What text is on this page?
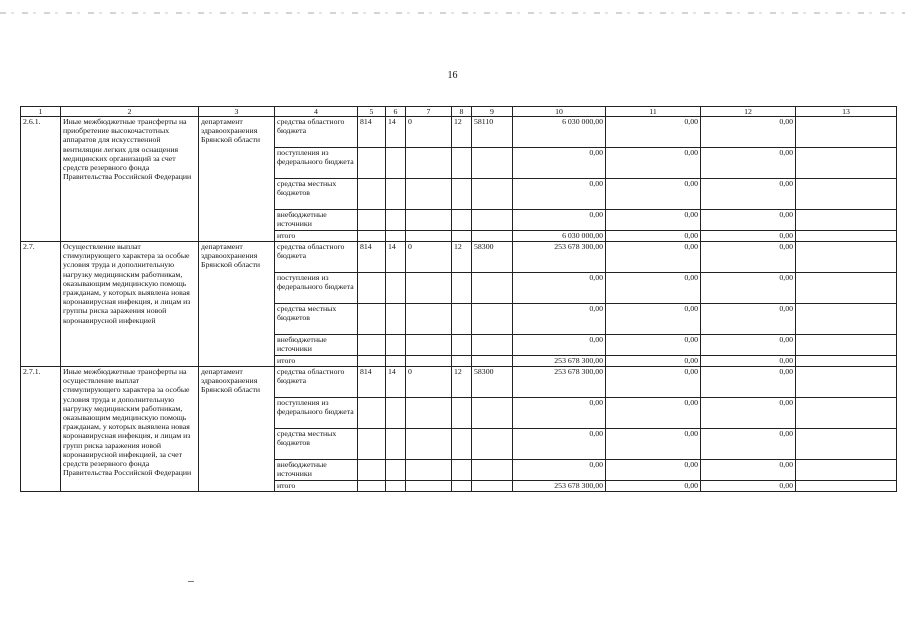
16
1	2	3	4	5	6	7	8	9	10	11	12	13
2.6.1.	Иные межбюджетные трансферты на приобретение высокочастотных аппаратов для искусственной вентиляции легких для оснащения медицинских организаций за счет средств резервного фонда Правительства Российской Федерации	департамент здравоохранения Брянской области	средства областного бюджета	814	14	0	12	58110	6 030 000,00	0,00	0,00	
			поступления из федерального бюджета						0,00	0,00	0,00	
			средства местных бюджетов						0,00	0,00	0,00	
			внебюджетные источники						0,00	0,00	0,00	
			итого						6 030 000,00	0,00	0,00	
2.7.	Осуществление выплат стимулирующего характера за особые условия труда и дополнительную нагрузку медицинским работникам, оказывающим медицинскую помощь гражданам, у которых выявлена новая коронавирусная инфекция, и лицам из группы риска заражения новой коронавирусной инфекцией	департамент здравоохранения Брянской области	средства областного бюджета	814	14	0	12	58300	253 678 300,00	0,00	0,00	
			поступления из федерального бюджета						0,00	0,00	0,00	
			средства местных бюджетов						0,00	0,00	0,00	
			внебюджетные источники						0,00	0,00	0,00	
			итого						253 678 300,00	0,00	0,00	
2.7.1.	Иные межбюджетные трансферты на осуществление выплат стимулирующего характера за особые условия труда и дополнительную нагрузку медицинским работникам, оказывающим медицинскую помощь гражданам, у которых выявлена новая коронавирусная инфекция, и лицам из групп риска заражения новой коронавирусной инфекцией, за счет средств резервного фонда Правительства Российской Федерации	департамент здравоохранения Брянской области	средства областного бюджета	814	14	0	12	58300	253 678 300,00	0,00	0,00	
			поступления из федерального бюджета						0,00	0,00	0,00	
			средства местных бюджетов						0,00	0,00	0,00	
			внебюджетные источники						0,00	0,00	0,00	
			итого						253 678 300,00	0,00	0,00	
